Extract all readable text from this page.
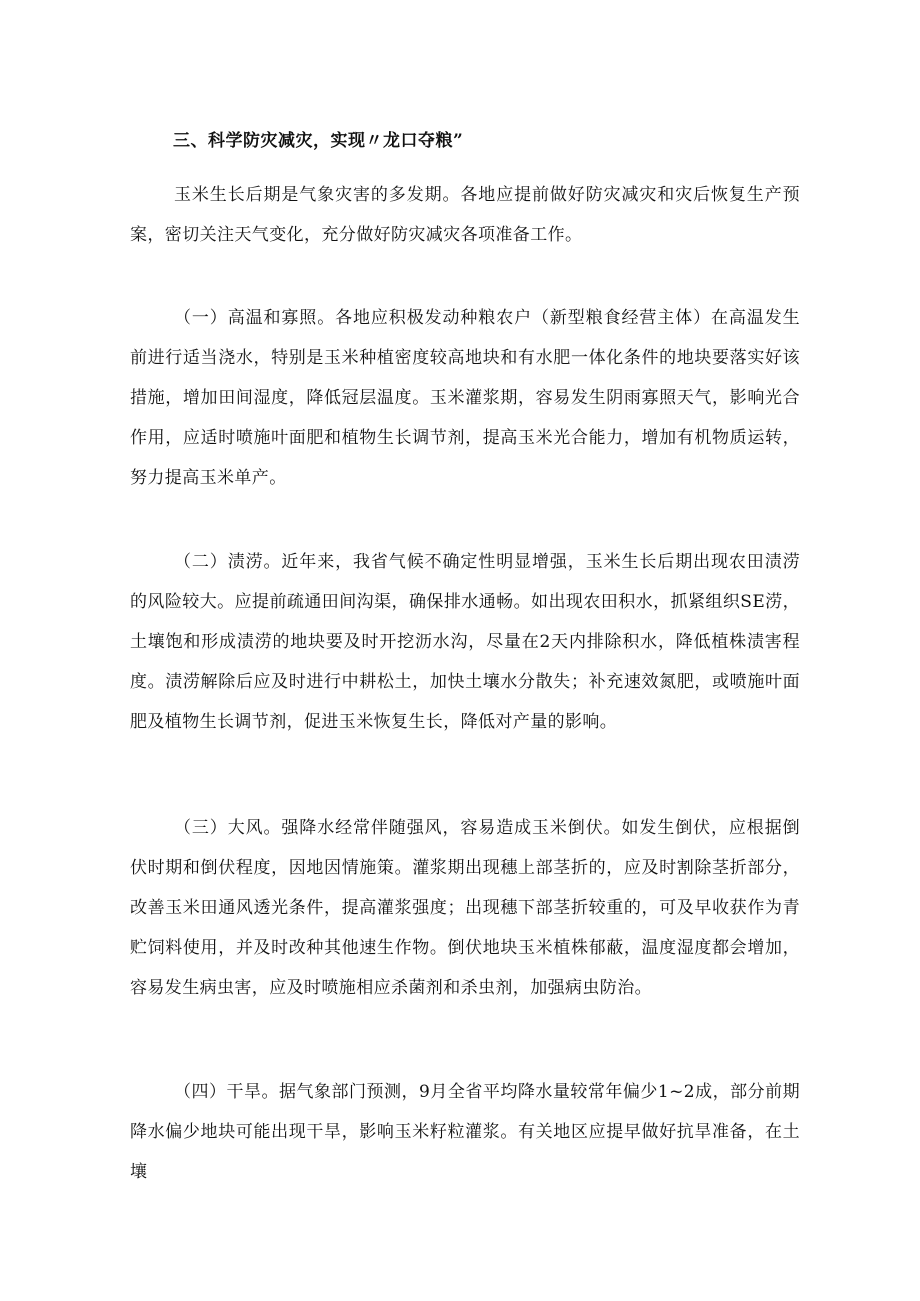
三、科学防灾减灾，实现〃龙口夺粮”

玉米生长后期是气象灾害的多发期。各地应提前做好防灾减灾和灾后恢复生产预案，密切关注天气变化，充分做好防灾减灾各项准备工作。

（一）高温和寡照。各地应积极发动种粮农户（新型粮食经营主体）在高温发生前进行适当浇水，特别是玉米种植密度较高地块和有水肥一体化条件的地块要落实好该措施，增加田间湿度，降低冠层温度。玉米灌浆期，容易发生阴雨寡照天气，影响光合作用，应适时喷施叶面肥和植物生长调节剂，提高玉米光合能力，增加有机物质运转，努力提高玉米单产。

（二）渍涝。近年来，我省气候不确定性明显增强，玉米生长后期出现农田渍涝的风险较大。应提前疏通田间沟渠，确保排水通畅。如出现农田积水，抓紧组织SE涝，土壤饱和形成渍涝的地块要及时开挖沥水沟，尽量在2天内排除积水，降低植株渍害程度。渍涝解除后应及时进行中耕松土，加快土壤水分散失；补充速效氮肥，或喷施叶面肥及植物生长调节剂，促进玉米恢复生长，降低对产量的影响。

（三）大风。强降水经常伴随强风，容易造成玉米倒伏。如发生倒伏，应根据倒伏时期和倒伏程度，因地因情施策。灌浆期出现穗上部茎折的，应及时割除茎折部分，改善玉米田通风透光条件，提高灌浆强度；出现穗下部茎折较重的，可及早收获作为青贮饲料使用，并及时改种其他速生作物。倒伏地块玉米植株郁蔽，温度湿度都会增加，容易发生病虫害，应及时喷施相应杀菌剂和杀虫剂，加强病虫防治。

（四）干旱。据气象部门预测，9月全省平均降水量较常年偏少1~2成，部分前期降水偏少地块可能出现干旱，影响玉米籽粒灌浆。有关地区应提早做好抗旱准备，在土壤
